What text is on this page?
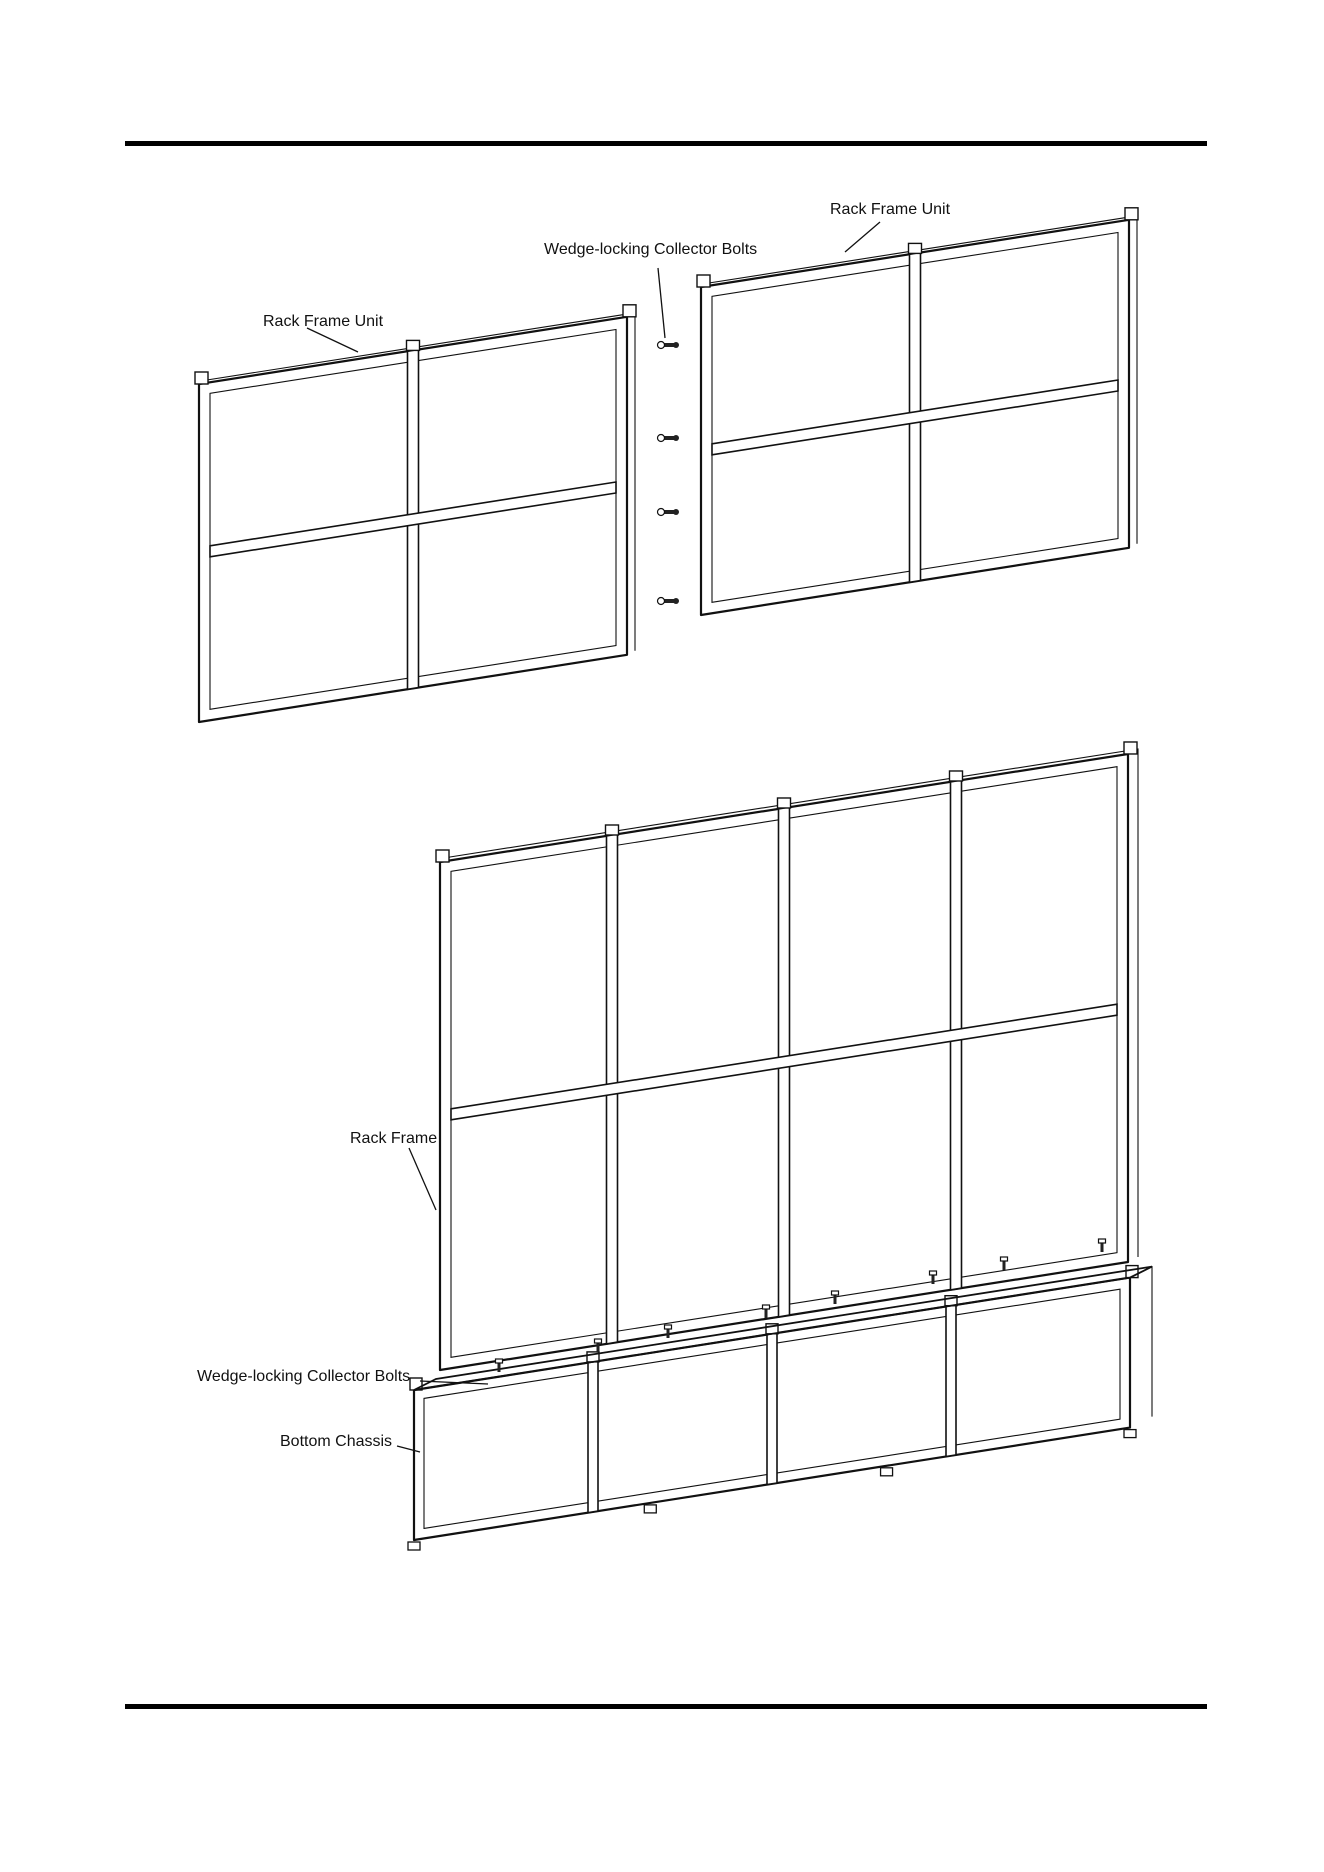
Rack Frame Unit
Rack Frame Unit
Wedge-locking Collector Bolts
Rack Frame
Wedge-locking Collector Bolts
Bottom Chassis
